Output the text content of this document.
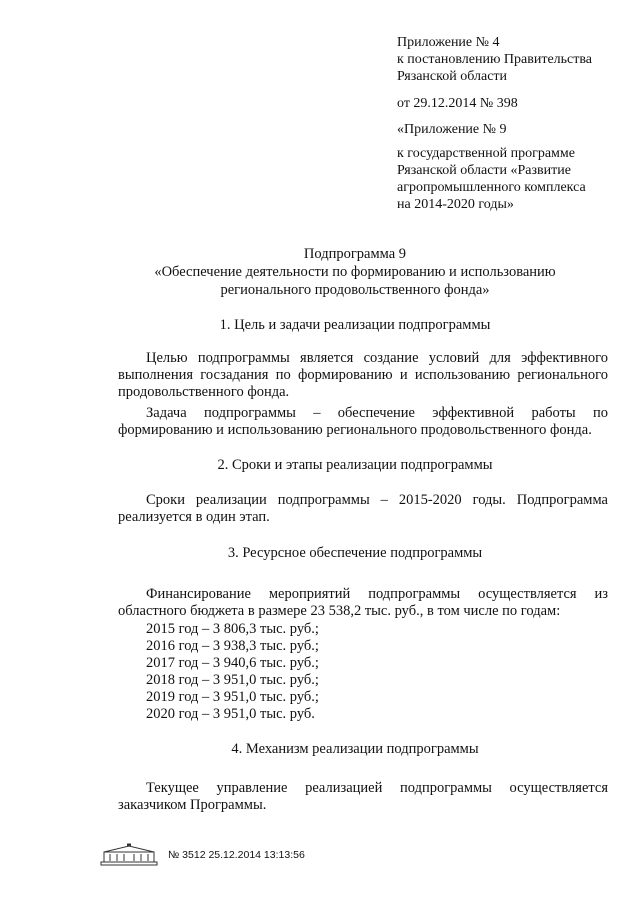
Приложение № 4
к постановлению Правительства
Рязанской области
от 29.12.2014 № 398
«Приложение № 9
к государственной программе
Рязанской области «Развитие
агропромышленного комплекса
на 2014-2020 годы»
Подпрограмма 9
«Обеспечение деятельности по формированию и использованию
регионального продовольственного фонда»
1. Цель и задачи реализации подпрограммы
Целью подпрограммы является создание условий для эффективного выполнения госзадания по формированию и использованию регионального продовольственного фонда.
Задача подпрограммы – обеспечение эффективной работы по формированию и использованию регионального продовольственного фонда.
2. Сроки и этапы реализации подпрограммы
Сроки реализации подпрограммы – 2015-2020 годы. Подпрограмма реализуется в один этап.
3. Ресурсное обеспечение подпрограммы
Финансирование мероприятий подпрограммы осуществляется из областного бюджета в размере 23 538,2 тыс. руб., в том числе по годам:
2015 год – 3 806,3 тыс. руб.;
2016 год – 3 938,3 тыс. руб.;
2017 год – 3 940,6 тыс. руб.;
2018 год – 3 951,0 тыс. руб.;
2019 год – 3 951,0 тыс. руб.;
2020 год – 3 951,0 тыс. руб.
4. Механизм реализации подпрограммы
Текущее управление реализацией подпрограммы осуществляется заказчиком Программы.
№ 3512 25.12.2014 13:13:56
